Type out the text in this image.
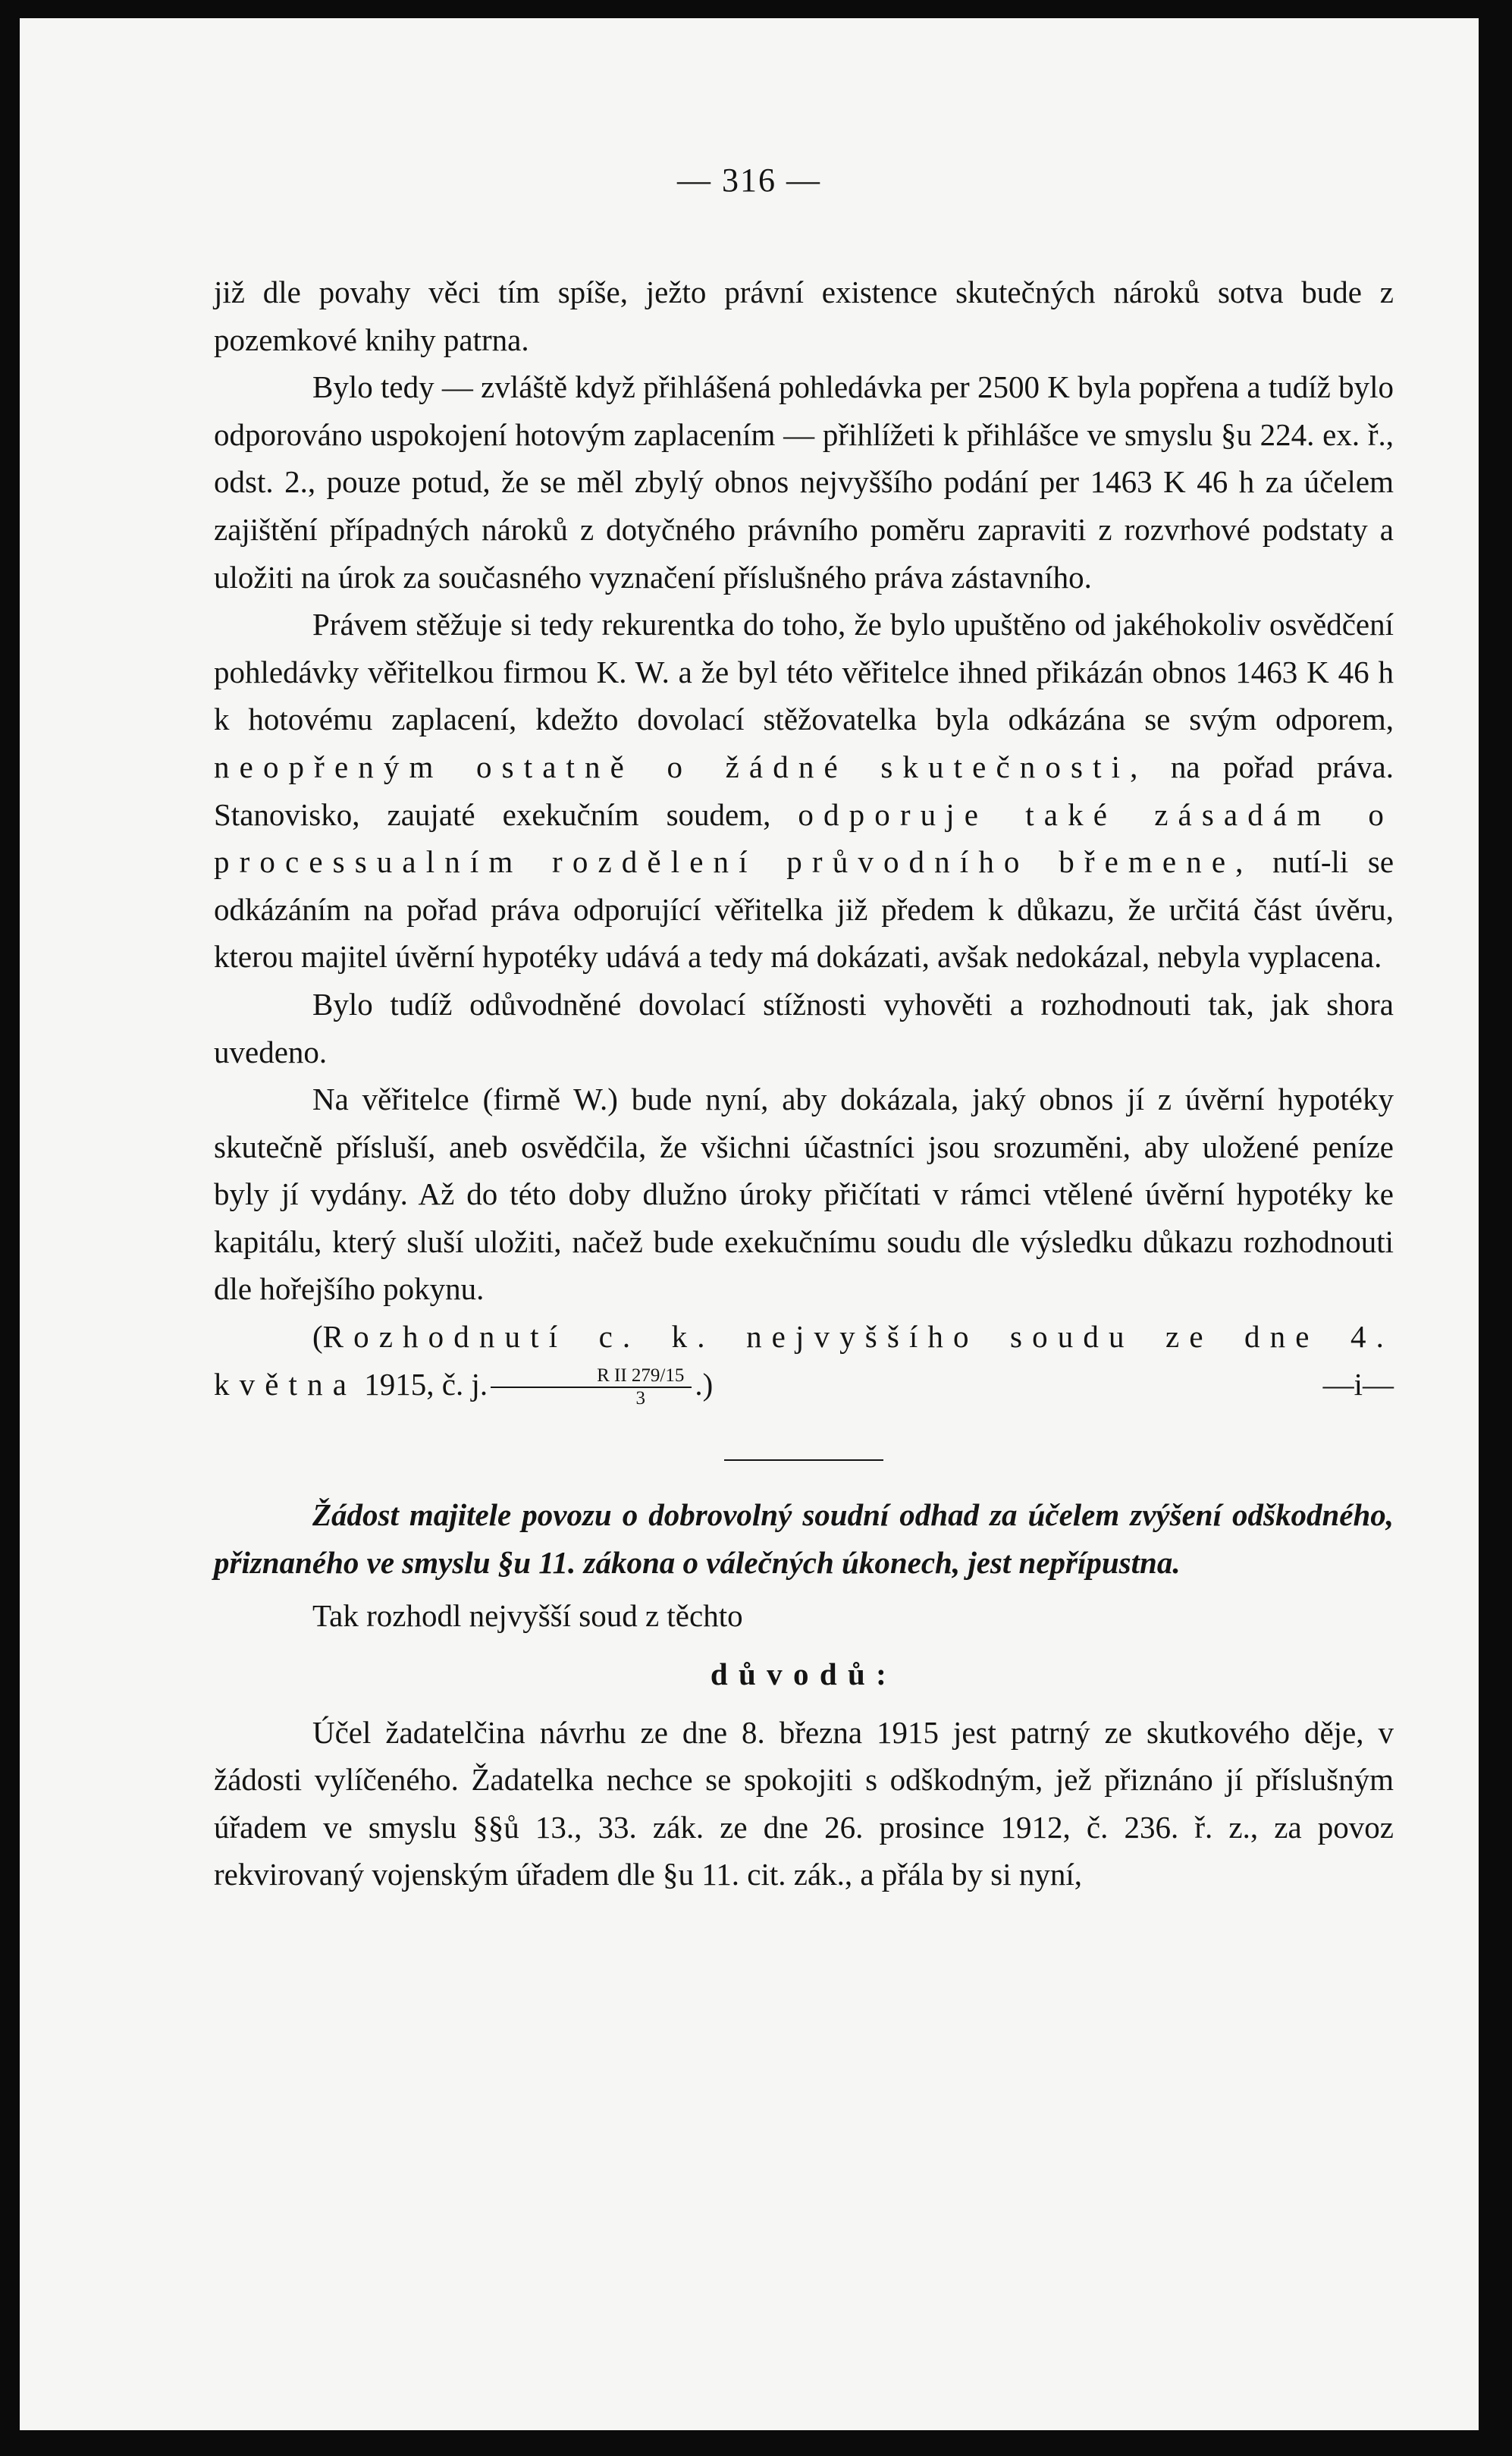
— 316 —

již dle povahy věci tím spíše, ježto právní existence skutečných nároků sotva bude z pozemkové knihy patrna.

Bylo tedy — zvláště když přihlášená pohledávka per 2500 K byla popřena a tudíž bylo odporováno uspokojení hotovým zaplacením — přihlížeti k přihlášce ve smyslu §u 224. ex. ř., odst. 2., pouze potud, že se měl zbylý obnos nejvyššího podání per 1463 K 46 h za účelem zajištění případných nároků z dotyčného právního poměru zapraviti z rozvrhové podstaty a uložiti na úrok za současného vyznačení příslušného práva zástavního.

Právem stěžuje si tedy rekurentka do toho, že bylo upuštěno od jakéhokoliv osvědčení pohledávky věřitelkou firmou K. W. a že byl této věřitelce ihned přikázán obnos 1463 K 46 h k hotovému zaplacení, kdežto dovolací stěžovatelka byla odkázána se svým odporem, neopřeným ostatně o žádné skutečnosti, na pořad práva. Stanovisko, zaujaté exekučním soudem, odporuje také zásadám o processualním rozdělení průvodního břemene, nutí-li se odkázáním na pořad práva odporující věřitelka již předem k důkazu, že určitá část úvěru, kterou majitel úvěrní hypotéky udává a tedy má dokázati, avšak nedokázal, nebyla vyplacena.

Bylo tudíž odůvodněné dovolací stížnosti vyhověti a rozhodnouti tak, jak shora uvedeno.

Na věřitelce (firmě W.) bude nyní, aby dokázala, jaký obnos jí z úvěrní hypotéky skutečně přísluší, aneb osvědčila, že všichni účastníci jsou srozuměni, aby uložené peníze byly jí vydány. Až do této doby dlužno úroky přičítati v rámci vtělené úvěrní hypotéky ke kapitálu, který sluší uložiti, načež bude exekučnímu soudu dle výsledku důkazu rozhodnouti dle hořejšího pokynu.

(Rozhodnutí c. k. nejvyššího soudu ze dne 4. května 1915, č. j. $\frac{\text{R II 279/15}}{3}$ .)	—i—

Žádost majitele povozu o dobrovolný soudní odhad za účelem zvýšení odškodného, přiznaného ve smyslu §u 11. zákona o válečných úkonech, jest nepřípustna.

Tak rozhodl nejvyšší soud z těchto

důvodů:

Účel žadatelčina návrhu ze dne 8. března 1915 jest patrný ze skutkového děje, v žádosti vylíčeného. Žadatelka nechce se spokojiti s odškodným, jež přiznáno jí příslušným úřadem ve smyslu §§ů 13., 33. zák. ze dne 26. prosince 1912, č. 236. ř. z., za povoz rekvirovaný vojenským úřadem dle §u 11. cit. zák., a přála by si nyní,
